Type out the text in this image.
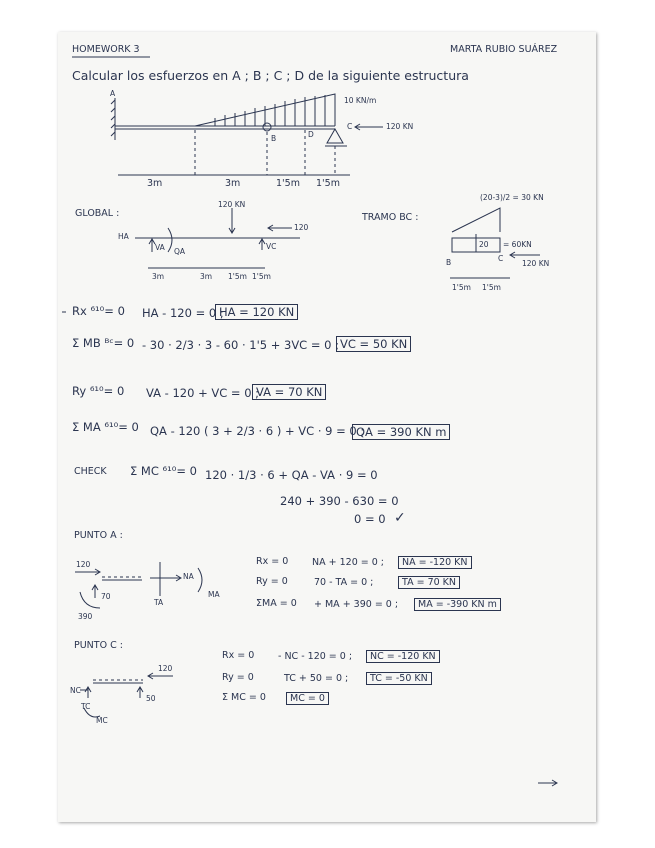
HOMEWORK 3	MARTA RUBIO SUÁREZ
Calcular los esfuerzos en A ; B ; C ; D de la siguiente estructura
A
B	D
C
10 KN/m
120 KN
3m	3m	1'5m 1'5m
GLOBAL :
120 KN
120
HA
VA QA
VC
3m	3m 1'5m 1'5m
TRAMO BC :
(20-3)/2 = 30 KN
20 = 60KN
B	C
120 KN
1'5m 1'5m
Rx ⁶¹⁰= 0 HA - 120 = 0 ;
HA = 120 KN
Σ MB ᴮᶜ= 0 - 30 · 2/3 · 3 - 60 · 1'5 + 3VC = 0 ; VC = 50 KN
Ry ⁶¹⁰= 0 VA - 120 + VC = 0 ;
VA = 70 KN
Σ MA ⁶¹⁰= 0 QA - 120 ( 3 + 2/3 · 6 ) + VC · 9 = 0 ;
QA = 390 KN m
CHECK Σ MC ⁶¹⁰= 0 120 · 1/3 · 6 + QA - VA · 9 = 0
240 + 390 - 630 = 0
0 = 0 ✓
PUNTO A :
120
70
390
NA
TA
MA
Rx = 0 NA + 120 = 0 ;	NA = -120 KN
Ry = 0	70 - TA = 0 ;	TA = 70 KN
ΣMA = 0 + MA + 390 = 0 ;	MA = -390 KN m
PUNTO C :
120
50
NC
TC
MC
Rx = 0 - NC - 120 = 0 ;	NC = -120 KN
Ry = 0	TC + 50 = 0 ;	TC = -50 KN
Σ MC = 0	MC = 0
